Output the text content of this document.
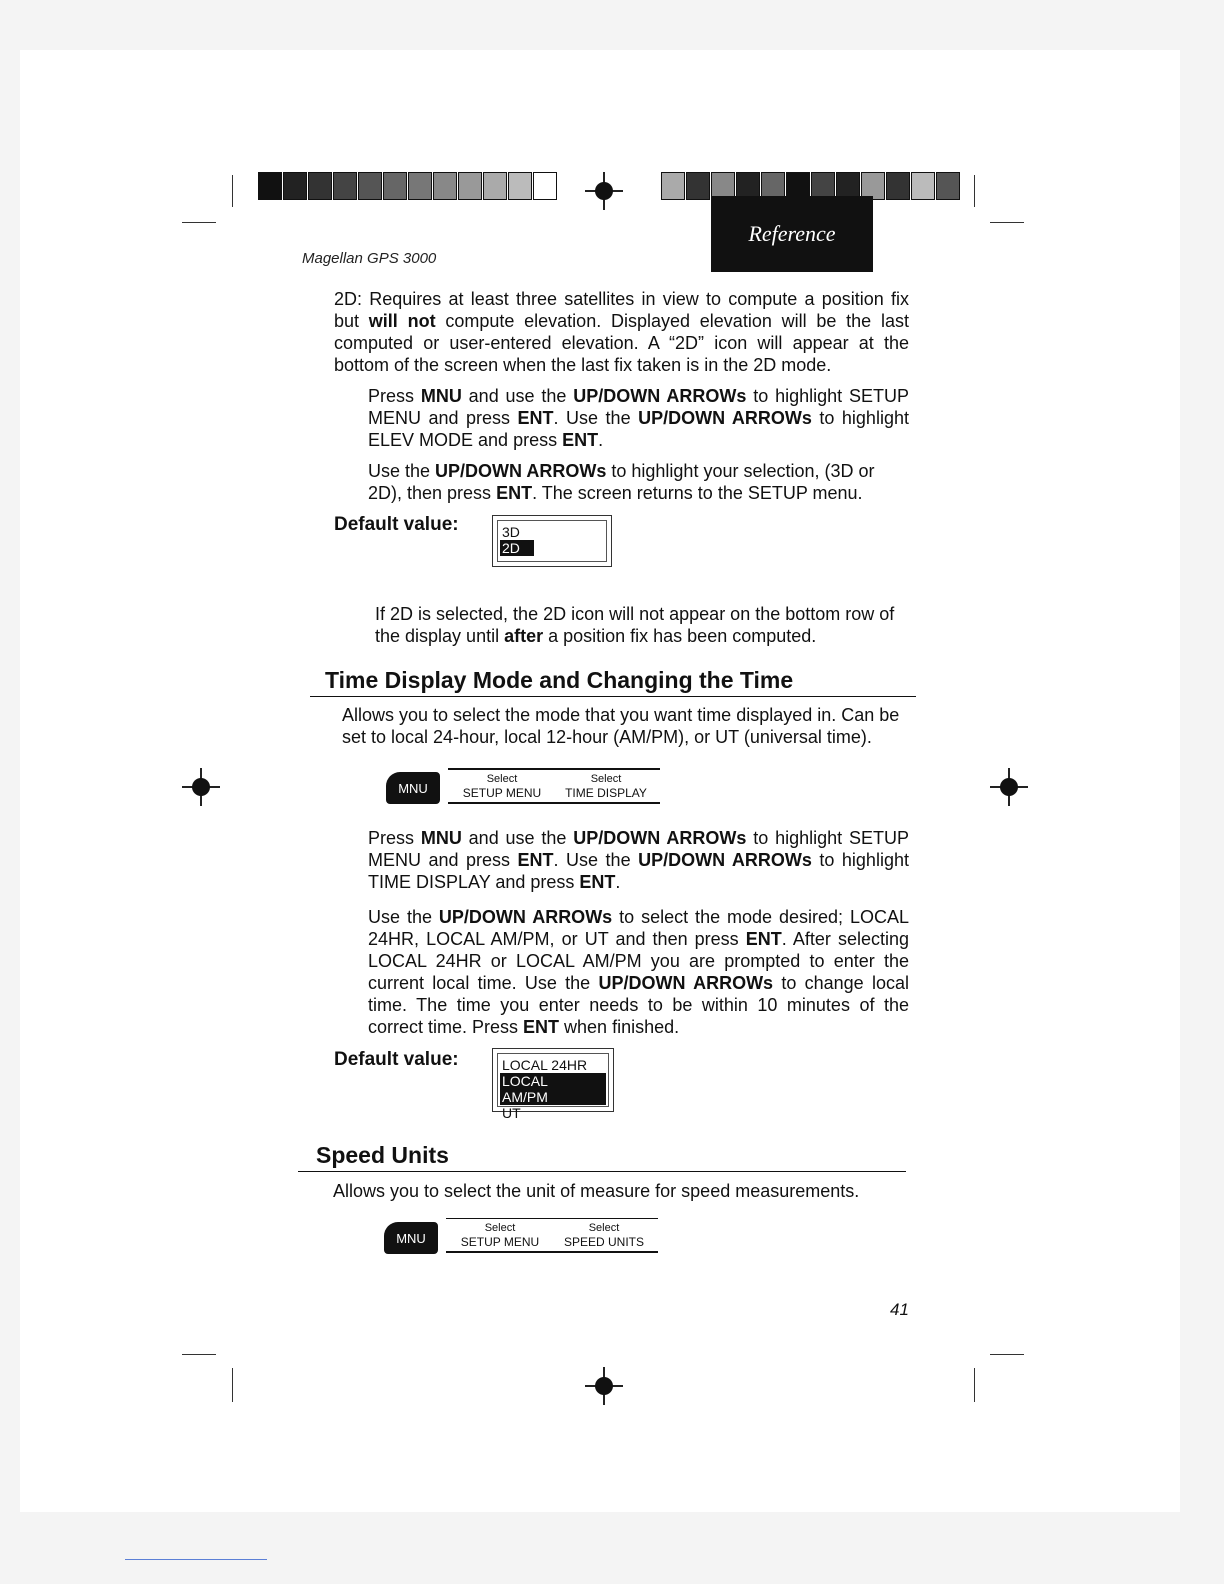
Reference
Magellan GPS 3000
2D: Requires at least three satellites in view to compute a position fix but will not compute elevation. Displayed elevation will be the last computed or user-entered elevation. A “2D” icon will appear at the bottom of the screen when the last fix taken is in the 2D mode.
Press MNU and use the UP/DOWN ARROWs to highlight SETUP MENU and press ENT. Use the UP/DOWN ARROWs to highlight ELEV MODE and press ENT.
Use the UP/DOWN ARROWs to highlight your selection, (3D or 2D), then press ENT. The screen returns to the SETUP menu.
Default value:	3D
2D
If 2D is selected, the 2D icon will not appear on the bottom row of the display until after a position fix has been computed.
Time Display Mode and Changing the Time
Allows you to select the mode that you want time displayed in. Can be set to local 24-hour, local 12-hour (AM/PM), or UT (universal time).
MNU
Select
SETUP MENU
Select
TIME DISPLAY
Press MNU and use the UP/DOWN ARROWs to highlight SETUP MENU and press ENT. Use the UP/DOWN ARROWs to highlight TIME DISPLAY and press ENT.
Use the UP/DOWN ARROWs to select the mode desired; LOCAL 24HR, LOCAL AM/PM, or UT and then press ENT. After selecting LOCAL 24HR or LOCAL AM/PM you are prompted to enter the current local time. Use the UP/DOWN ARROWs to change local time. The time you enter needs to be within 10 minutes of the correct time. Press ENT when finished.
Default value:	LOCAL 24HR
LOCAL AM/PM
UT
Speed Units
Allows you to select the unit of measure for speed measurements.
MNU
Select
SETUP MENU
Select
SPEED UNITS
41
